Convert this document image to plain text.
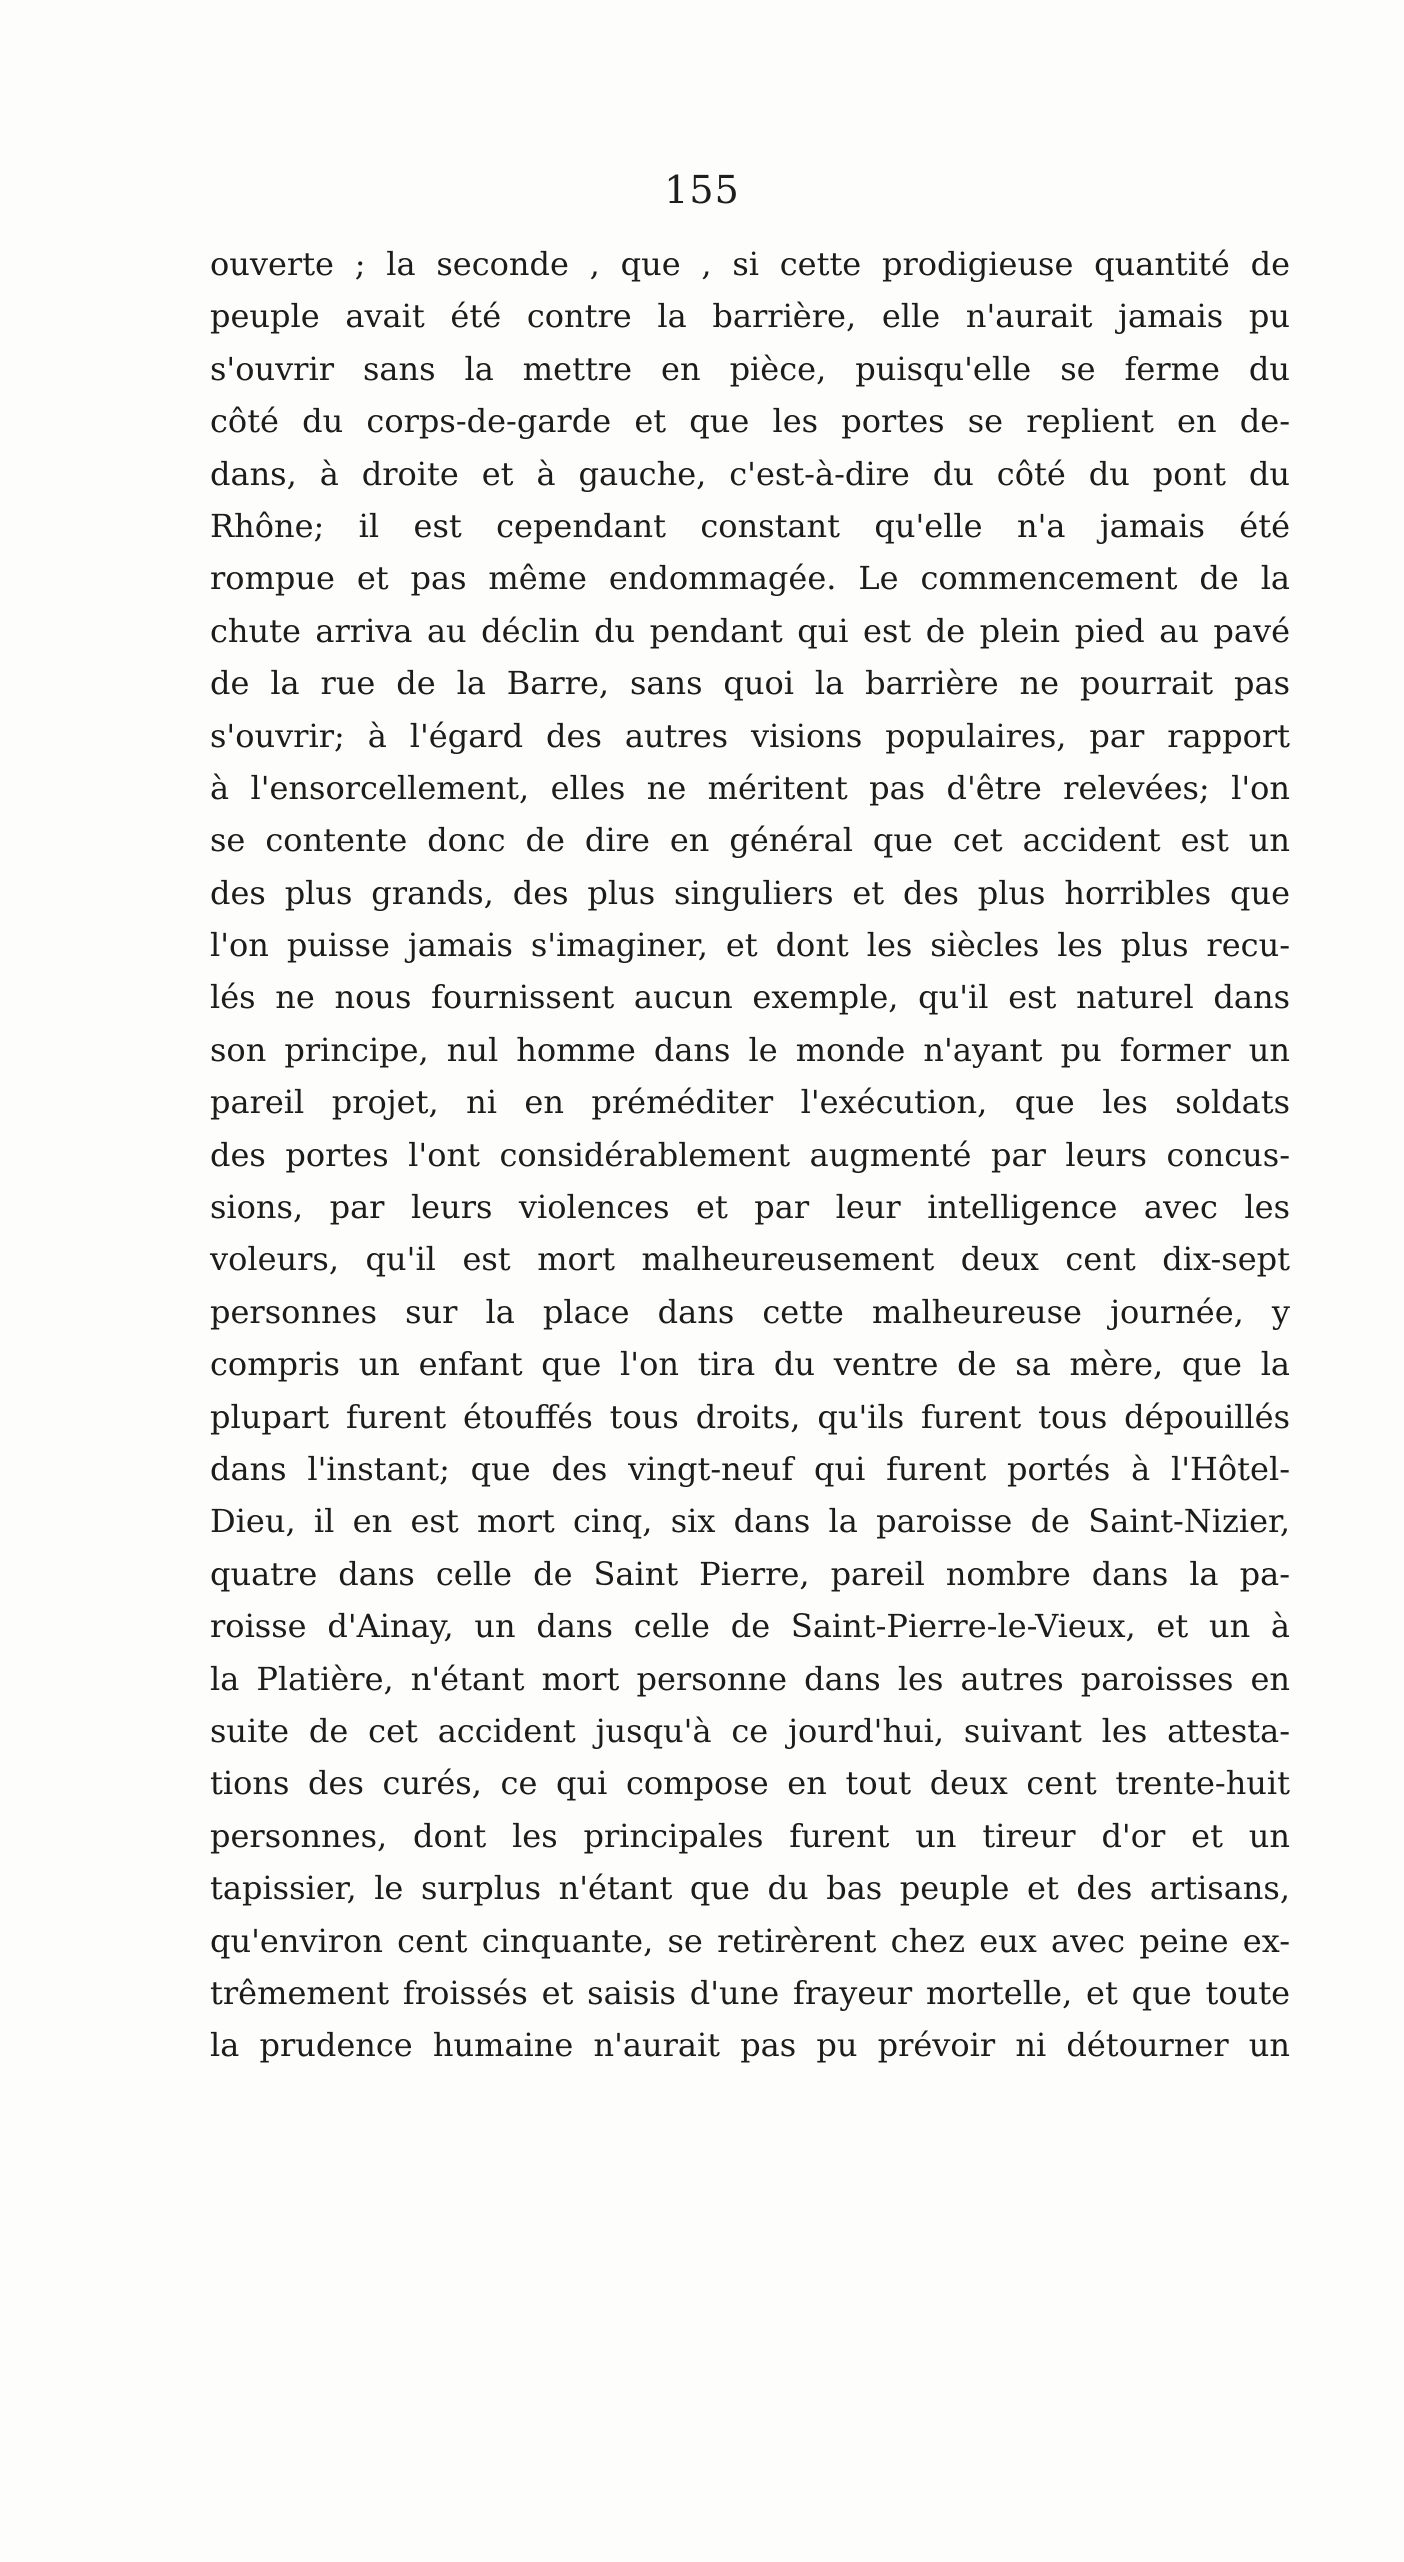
155
ouverte ; la seconde , que , si cette prodigieuse quantité de
peuple avait été contre la barrière, elle n'aurait jamais pu
s'ouvrir sans la mettre en pièce, puisqu'elle se ferme du
côté du corps-de-garde et que les portes se replient en de-
dans, à droite et à gauche, c'est-à-dire du côté du pont du
Rhône; il est cependant constant qu'elle n'a jamais été
rompue et pas même endommagée. Le commencement de la
chute arriva au déclin du pendant qui est de plein pied au pavé
de la rue de la Barre, sans quoi la barrière ne pourrait pas
s'ouvrir; à l'égard des autres visions populaires, par rapport
à l'ensorcellement, elles ne méritent pas d'être relevées; l'on
se contente donc de dire en général que cet accident est un
des plus grands, des plus singuliers et des plus horribles que
l'on puisse jamais s'imaginer, et dont les siècles les plus recu-
lés ne nous fournissent aucun exemple, qu'il est naturel dans
son principe, nul homme dans le monde n'ayant pu former un
pareil projet, ni en préméditer l'exécution, que les soldats
des portes l'ont considérablement augmenté par leurs concus-
sions, par leurs violences et par leur intelligence avec les
voleurs, qu'il est mort malheureusement deux cent dix-sept
personnes sur la place dans cette malheureuse journée, y
compris un enfant que l'on tira du ventre de sa mère, que la
plupart furent étouffés tous droits, qu'ils furent tous dépouillés
dans l'instant; que des vingt-neuf qui furent portés à l'Hôtel-
Dieu, il en est mort cinq, six dans la paroisse de Saint-Nizier,
quatre dans celle de Saint Pierre, pareil nombre dans la pa-
roisse d'Ainay, un dans celle de Saint-Pierre-le-Vieux, et un à
la Platière, n'étant mort personne dans les autres paroisses en
suite de cet accident jusqu'à ce jourd'hui, suivant les attesta-
tions des curés, ce qui compose en tout deux cent trente-huit
personnes, dont les principales furent un tireur d'or et un
tapissier, le surplus n'étant que du bas peuple et des artisans,
qu'environ cent cinquante, se retirèrent chez eux avec peine ex-
trêmement froissés et saisis d'une frayeur mortelle, et que toute
la prudence humaine n'aurait pas pu prévoir ni détourner un
